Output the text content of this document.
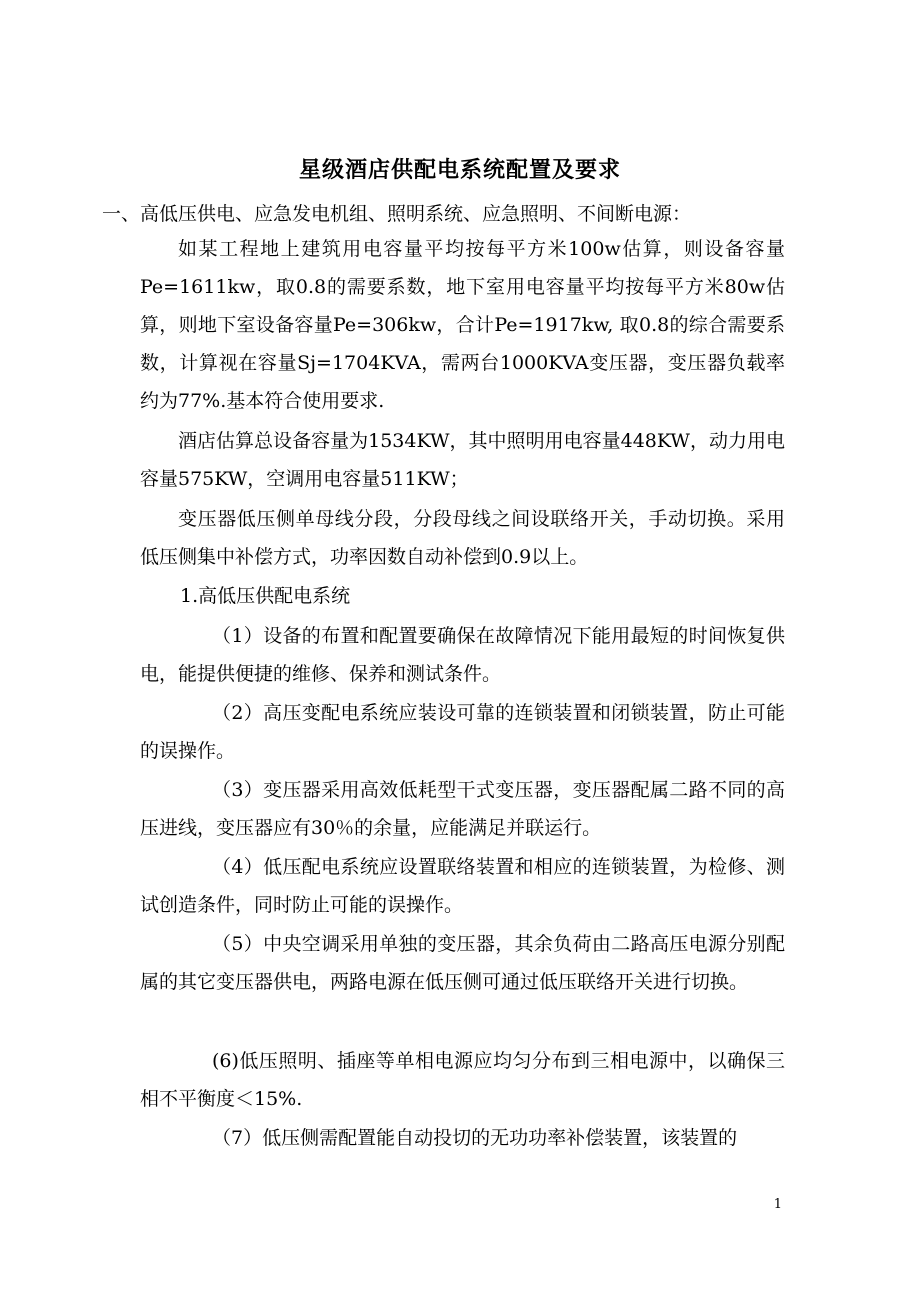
星级酒店供配电系统配置及要求
一、高低压供电、应急发电机组、照明系统、应急照明、不间断电源：

如某工程地上建筑用电容量平均按每平方米100w估算，则设备容量Pe=1611kw，取0.8的需要系数，地下室用电容量平均按每平方米80w估算，则地下室设备容量Pe=306kw，合计Pe=1917kw, 取0.8的综合需要系数，计算视在容量Sj=1704KVA，需两台1000KVA变压器，变压器负载率约为77%.基本符合使用要求.

酒店估算总设备容量为1534KW，其中照明用电容量448KW，动力用电容量575KW，空调用电容量511KW；

变压器低压侧单母线分段，分段母线之间设联络开关，手动切换。采用低压侧集中补偿方式，功率因数自动补偿到0.9以上。

1.高低压供配电系统

（1）设备的布置和配置要确保在故障情况下能用最短的时间恢复供电，能提供便捷的维修、保养和测试条件。

（2）高压变配电系统应装设可靠的连锁装置和闭锁装置，防止可能的误操作。

（3）变压器采用高效低耗型干式变压器，变压器配属二路不同的高压进线，变压器应有30％的余量，应能满足并联运行。

（4）低压配电系统应设置联络装置和相应的连锁装置，为检修、测试创造条件，同时防止可能的误操作。

（5）中央空调采用单独的变压器，其余负荷由二路高压电源分别配属的其它变压器供电，两路电源在低压侧可通过低压联络开关进行切换。

(6)低压照明、插座等单相电源应均匀分布到三相电源中，以确保三相不平衡度＜15%.

（7）低压侧需配置能自动投切的无功功率补偿装置，该装置的

1
